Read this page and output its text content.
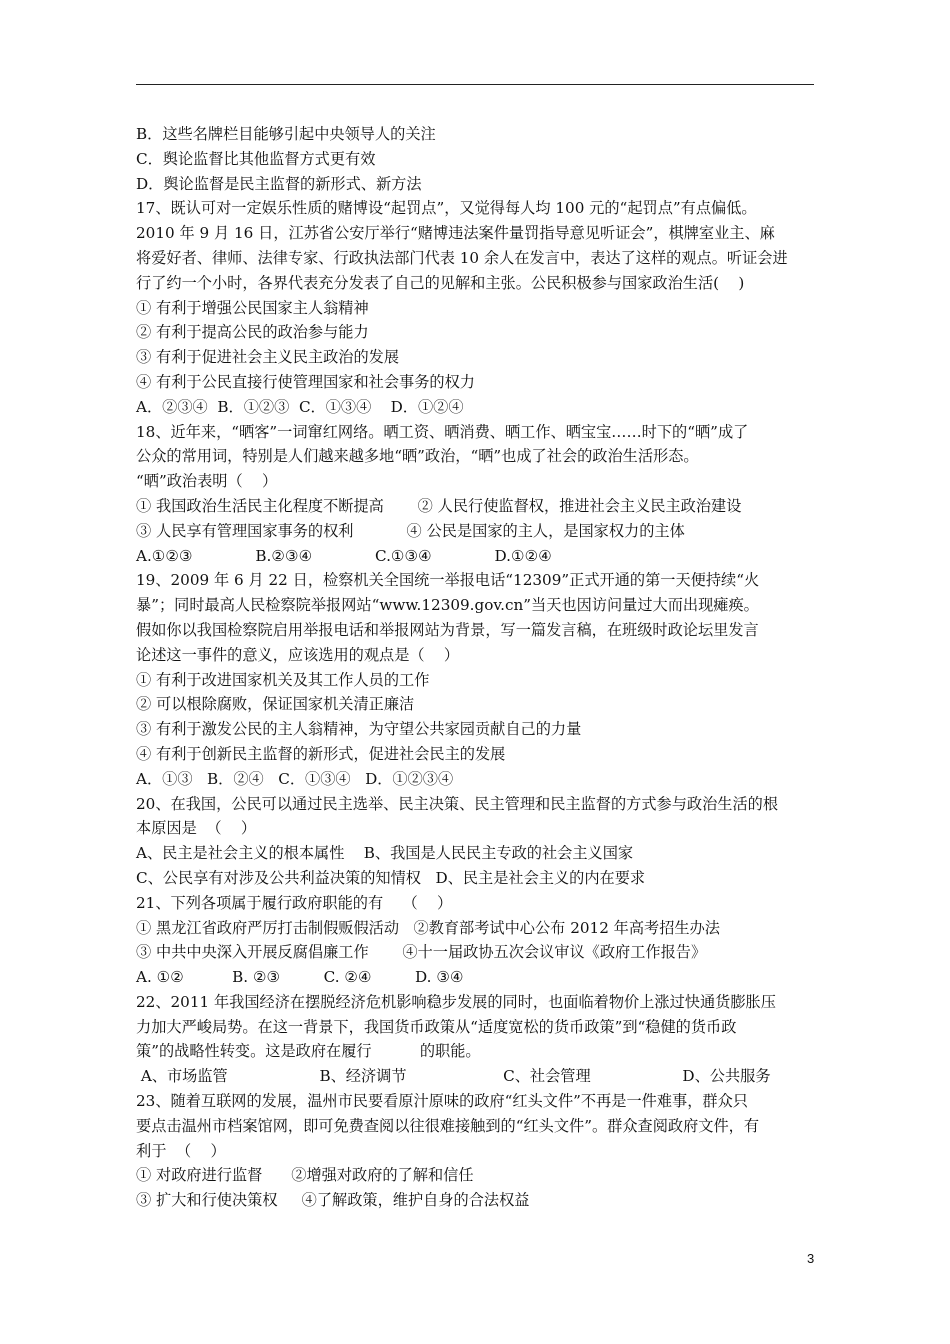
B．这些名牌栏目能够引起中央领导人的关注
C．舆论监督比其他监督方式更有效
D．舆论监督是民主监督的新形式、新方法
17、既认可对一定娱乐性质的赌博设“起罚点”，又觉得每人均 100 元的“起罚点”有点偏低。
2010 年 9 月 16 日，江苏省公安厅举行“赌博违法案件量罚指导意见听证会”，棋牌室业主、麻
将爱好者、律师、法律专家、行政执法部门代表 10 余人在发言中，表达了这样的观点。听证会进
行了约一个小时，各界代表充分发表了自己的见解和主张。公民积极参与国家政治生活(    )
① 有利于增强公民国家主人翁精神
② 有利于提高公民的政治参与能力
③ 有利于促进社会主义民主政治的发展
④ 有利于公民直接行使管理国家和社会事务的权力
A．②③④  B．①②③  C．①③④    D．①②④
18、近年来，“晒客”一词窜红网络。晒工资、晒消费、晒工作、晒宝宝……时下的“晒”成了
公众的常用词，特别是人们越来越多地“晒”政治，“晒”也成了社会的政治生活形态。
“晒”政治表明（    ）
① 我国政治生活民主化程度不断提高       ② 人民行使监督权，推进社会主义民主政治建设
③ 人民享有管理国家事务的权利           ④ 公民是国家的主人，是国家权力的主体
A.①②③             B.②③④             C.①③④             D.①②④
19、2009 年 6 月 22 日，检察机关全国统一举报电话“12309”正式开通的第一天便持续“火
暴”；同时最高人民检察院举报网站“www.12309.gov.cn”当天也因访问量过大而出现瘫痪。
假如你以我国检察院启用举报电话和举报网站为背景，写一篇发言稿，在班级时政论坛里发言
论述这一事件的意义，应该选用的观点是（    ）
① 有利于改进国家机关及其工作人员的工作
② 可以根除腐败，保证国家机关清正廉洁
③ 有利于激发公民的主人翁精神，为守望公共家园贡献自己的力量
④ 有利于创新民主监督的新形式，促进社会民主的发展
A．①③   B．②④   C．①③④   D．①②③④
20、在我国，公民可以通过民主选举、民主决策、民主管理和民主监督的方式参与政治生活的根
本原因是  （    ）
A、民主是社会主义的根本属性    B、我国是人民民主专政的社会主义国家
C、公民享有对涉及公共利益决策的知情权   D、民主是社会主义的内在要求
21、下列各项属于履行政府职能的有    （    ）
① 黑龙江省政府严厉打击制假贩假活动   ②教育部考试中心公布 2012 年高考招生办法
③ 中共中央深入开展反腐倡廉工作       ④十一届政协五次会议审议《政府工作报告》
A. ①②          B. ②③         C. ②④         D. ③④
22、2011 年我国经济在摆脱经济危机影响稳步发展的同时，也面临着物价上涨过快通货膨胀压
力加大严峻局势。在这一背景下，我国货币政策从“适度宽松的货币政策”到“稳健的货币政
策”的战略性转变。这是政府在履行          的职能。
A、市场监管                   B、经济调节                    C、社会管理                   D、公共服务
23、随着互联网的发展，温州市民要看原汁原味的政府“红头文件”不再是一件难事，群众只
要点击温州市档案馆网，即可免费查阅以往很难接触到的“红头文件”。群众查阅政府文件，有
利于  （    ）
① 对政府进行监督      ②增强对政府的了解和信任
③ 扩大和行使决策权     ④了解政策，维护自身的合法权益
3
